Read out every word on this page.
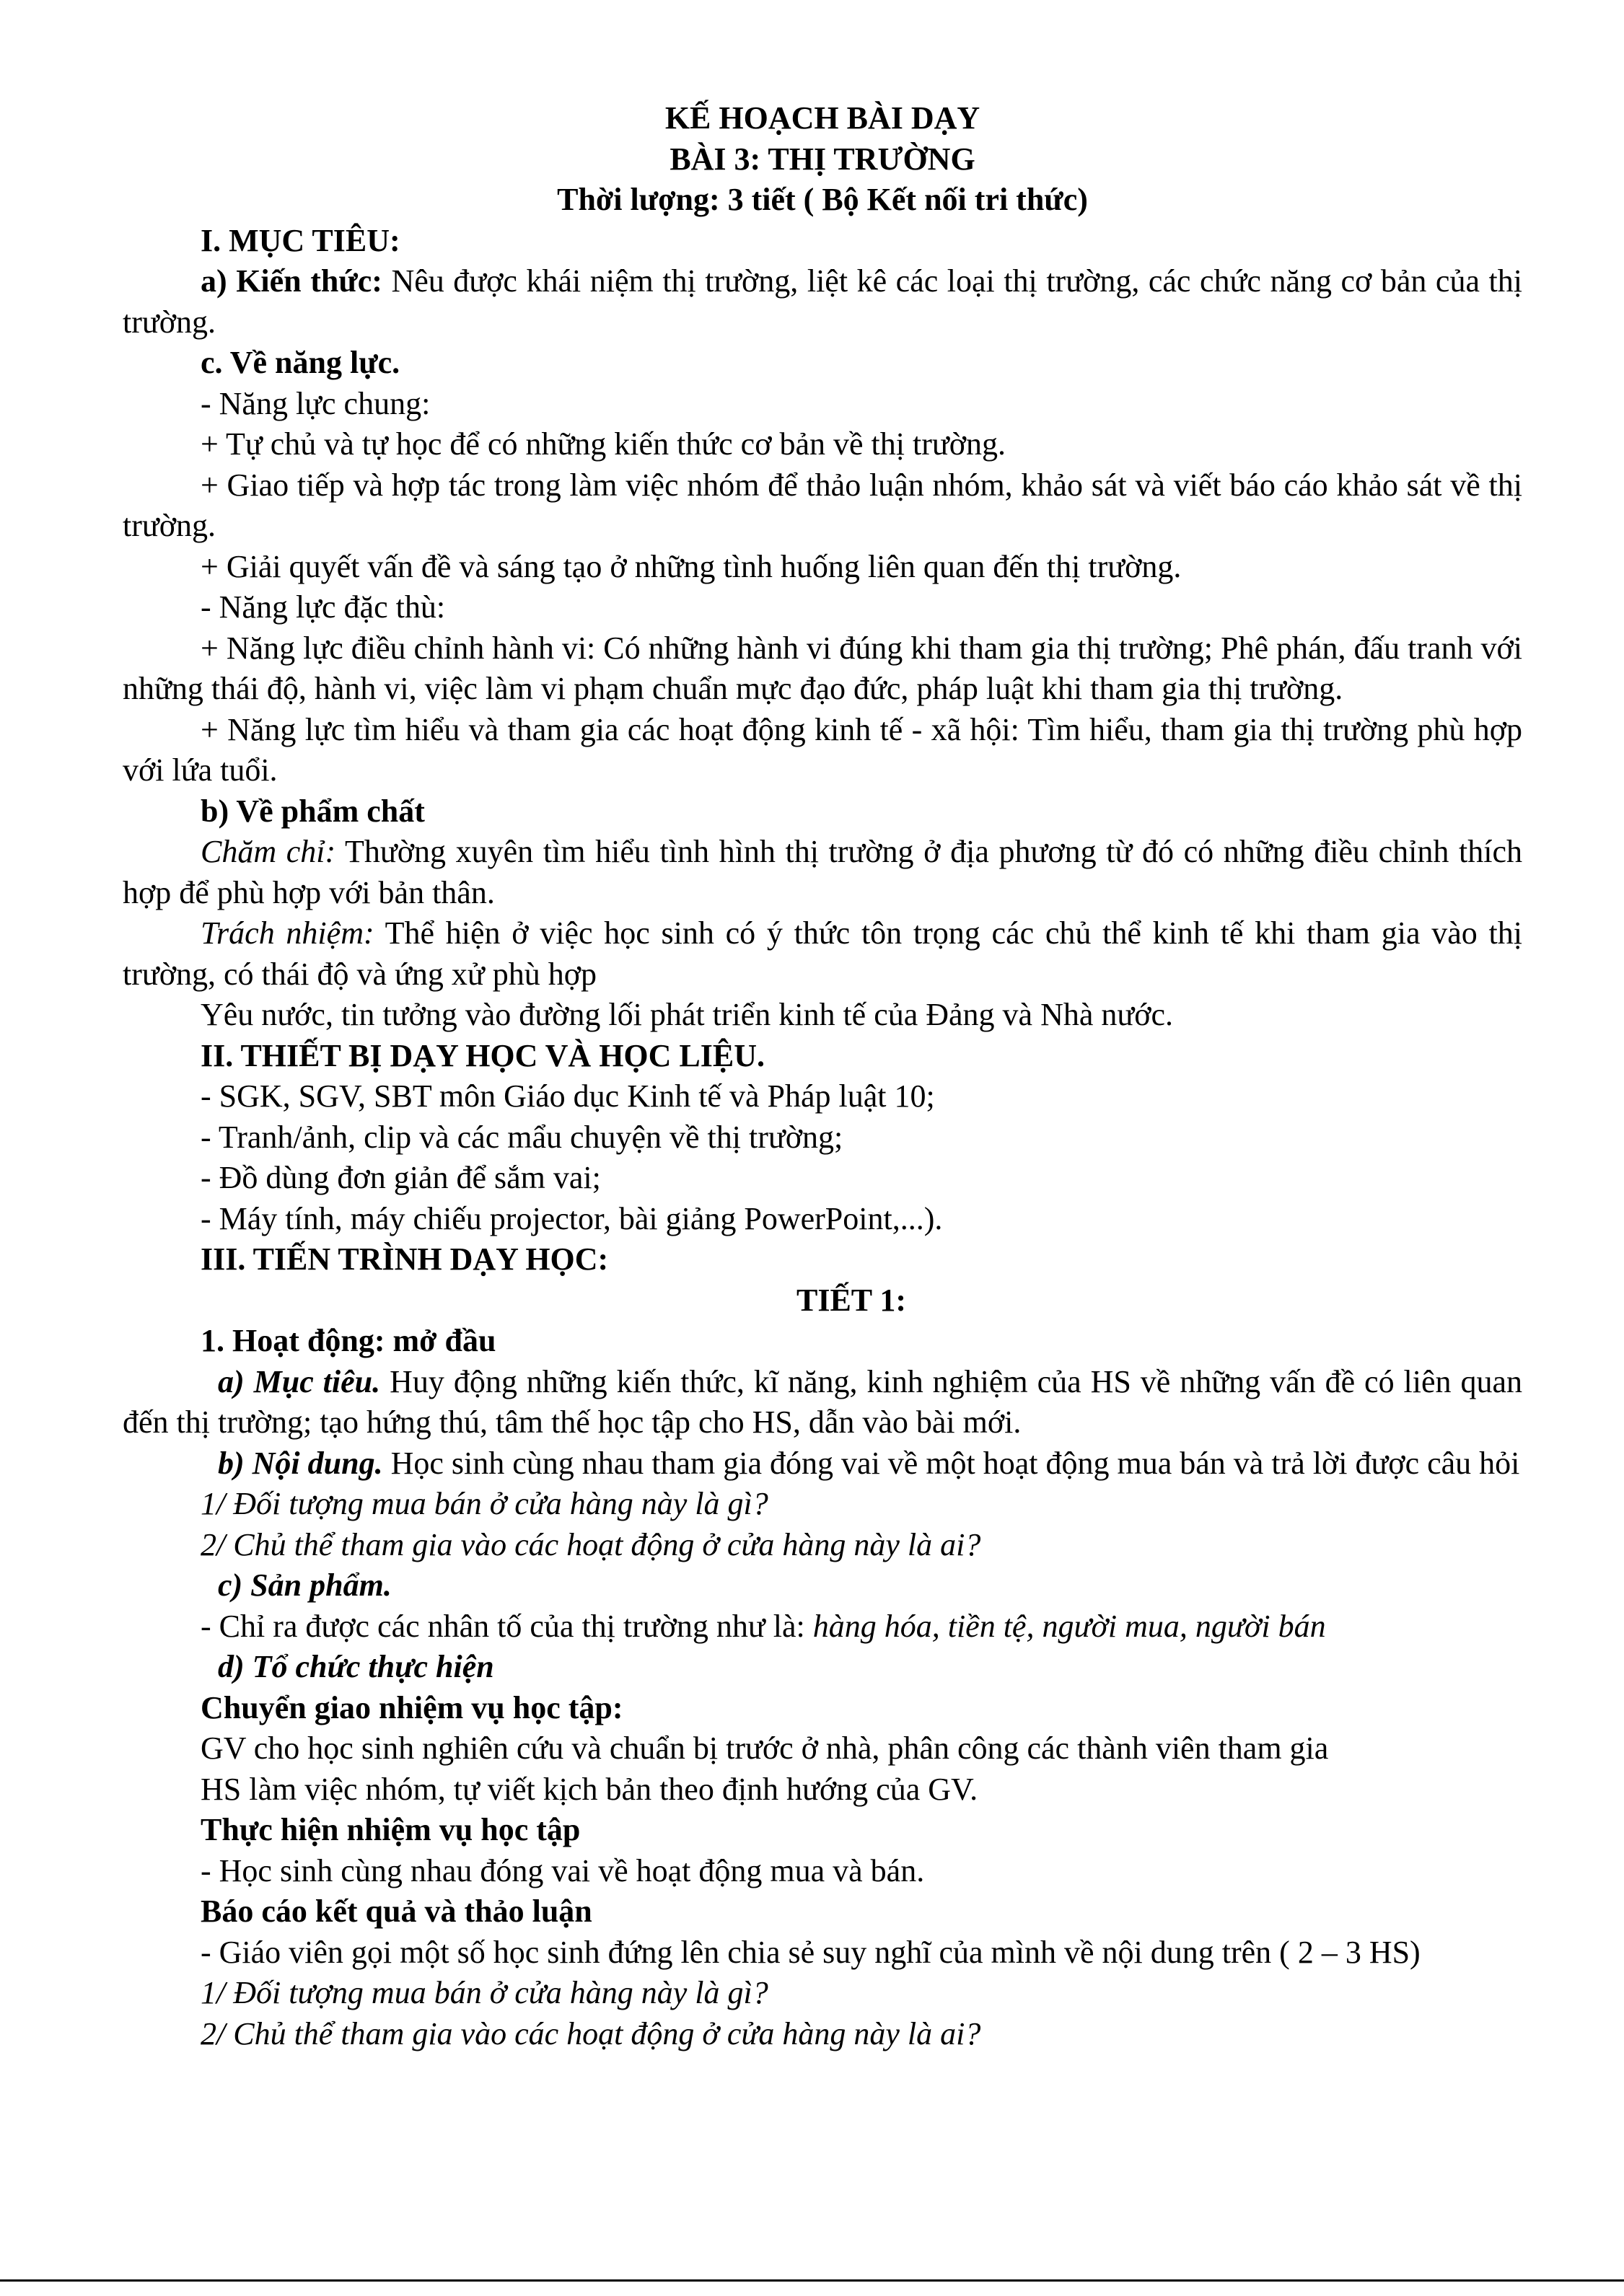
KẾ HOẠCH BÀI DẠY

BÀI 3: THỊ TRƯỜNG

Thời lượng: 3 tiết ( Bộ Kết nối tri thức)

I. MỤC TIÊU:

a) Kiến thức: Nêu được khái niệm thị trường, liệt kê các loại thị trường, các chức năng cơ bản của thị trường.

c. Về năng lực.

- Năng lực chung:

+ Tự chủ và tự học để có những kiến thức cơ bản về thị trường.

+ Giao tiếp và hợp tác trong làm việc nhóm để thảo luận nhóm, khảo sát và viết báo cáo khảo sát về thị trường.

+ Giải quyết vấn đề và sáng tạo ở những tình huống liên quan đến thị trường.

- Năng lực đặc thù:

+ Năng lực điều chỉnh hành vi: Có những hành vi đúng khi tham gia thị trường; Phê phán, đấu tranh với những thái độ, hành vi, việc làm vi phạm chuẩn mực đạo đức, pháp luật khi tham gia thị trường.

+ Năng lực tìm hiểu và tham gia các hoạt động kinh tế - xã hội: Tìm hiểu, tham gia thị trường phù hợp với lứa tuổi.

b) Về phẩm chất

Chăm chỉ: Thường xuyên tìm hiểu tình hình thị trường ở địa phương từ đó có những điều chỉnh thích hợp để phù hợp với bản thân.

Trách nhiệm: Thể hiện ở việc học sinh có ý thức tôn trọng các chủ thể kinh tế khi tham gia vào thị trường, có thái độ và ứng xử phù hợp

Yêu nước, tin tưởng vào đường lối phát triển kinh tế của Đảng và Nhà nước.

II. THIẾT BỊ DẠY HỌC VÀ HỌC LIỆU.

- SGK, SGV, SBT môn Giáo dục Kinh tế và Pháp luật 10;

- Tranh/ảnh, clip và các mẩu chuyện về thị trường;

- Đồ dùng đơn giản để sắm vai;

- Máy tính, máy chiếu projector, bài giảng PowerPoint,...).

III. TIẾN TRÌNH DẠY HỌC:

TIẾT 1:

1. Hoạt động: mở đầu

a) Mục tiêu. Huy động những kiến thức, kĩ năng, kinh nghiệm của HS về những vấn đề có liên quan đến thị trường; tạo hứng thú, tâm thế học tập cho HS, dẫn vào bài mới.

b) Nội dung. Học sinh cùng nhau tham gia đóng vai về một hoạt động mua bán và trả lời được câu hỏi

1/ Đối tượng mua bán ở cửa hàng này là gì?

2/ Chủ thể tham gia vào các hoạt động ở cửa hàng này là ai?

c) Sản phẩm.

- Chỉ ra được các nhân tố của thị trường như là: hàng hóa, tiền tệ, người mua, người bán

d) Tổ chức thực hiện

Chuyển giao nhiệm vụ học tập:

GV cho học sinh nghiên cứu và chuẩn bị trước ở nhà, phân công các thành viên tham gia

HS làm việc nhóm, tự viết kịch bản theo định hướng của GV.

Thực hiện nhiệm vụ học tập

- Học sinh cùng nhau đóng vai về hoạt động mua và bán.

Báo cáo kết quả và thảo luận

- Giáo viên gọi một số học sinh đứng lên chia sẻ suy nghĩ của mình về nội dung trên ( 2 – 3 HS)

1/ Đối tượng mua bán ở cửa hàng này là gì?

2/ Chủ thể tham gia vào các hoạt động ở cửa hàng này là ai?
